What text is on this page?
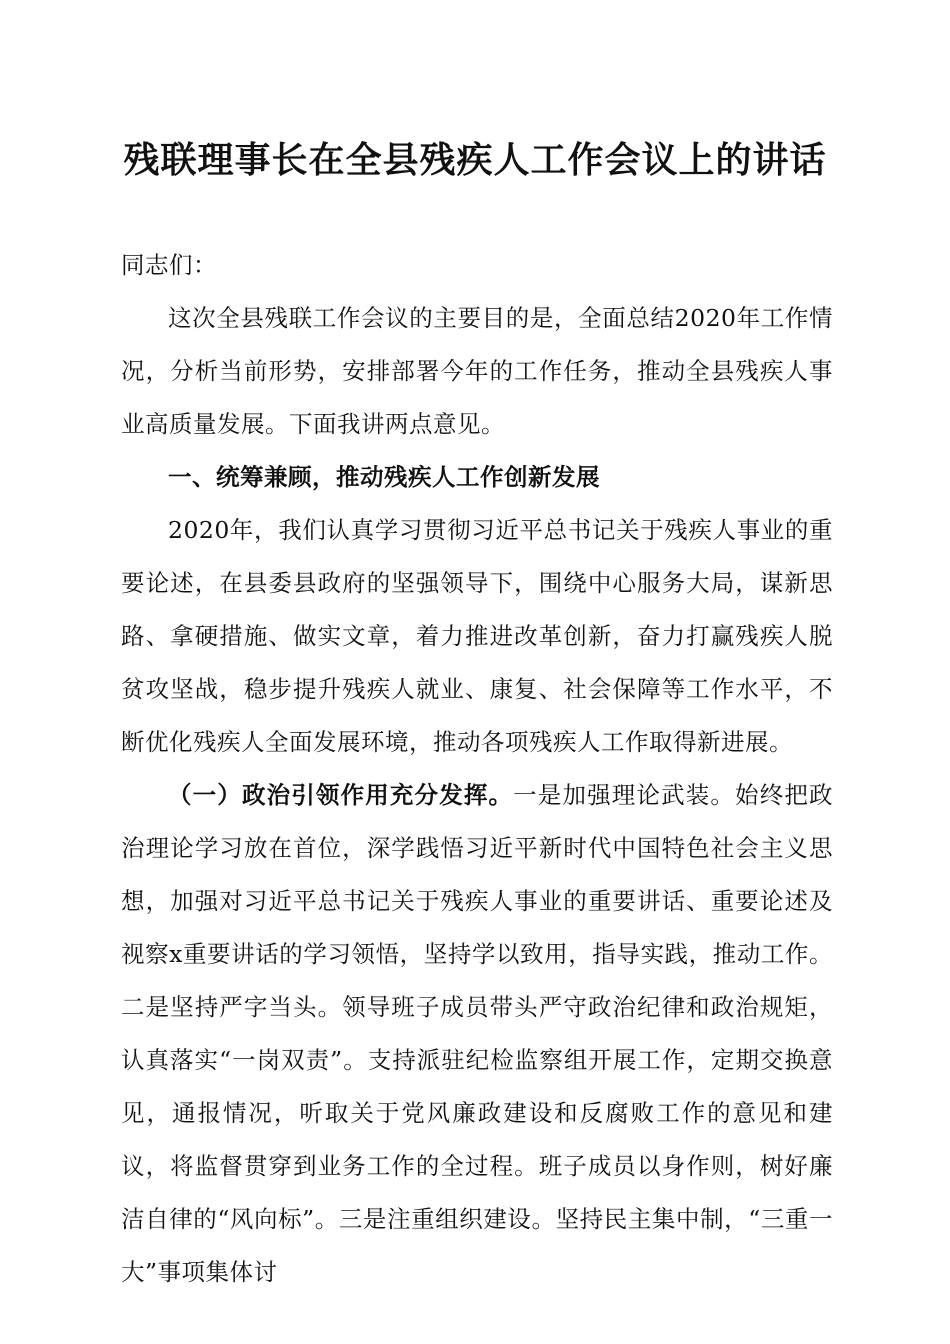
残联理事长在全县残疾人工作会议上的讲话

同志们：

这次全县残联工作会议的主要目的是，全面总结2020年工作情况，分析当前形势，安排部署今年的工作任务，推动全县残疾人事业高质量发展。下面我讲两点意见。

一、统筹兼顾，推动残疾人工作创新发展

2020年，我们认真学习贯彻习近平总书记关于残疾人事业的重要论述，在县委县政府的坚强领导下，围绕中心服务大局，谋新思路、拿硬措施、做实文章，着力推进改革创新，奋力打赢残疾人脱贫攻坚战，稳步提升残疾人就业、康复、社会保障等工作水平，不断优化残疾人全面发展环境，推动各项残疾人工作取得新进展。

（一）政治引领作用充分发挥。一是加强理论武装。始终把政治理论学习放在首位，深学践悟习近平新时代中国特色社会主义思想，加强对习近平总书记关于残疾人事业的重要讲话、重要论述及视察x重要讲话的学习领悟，坚持学以致用，指导实践，推动工作。二是坚持严字当头。领导班子成员带头严守政治纪律和政治规矩，认真落实“一岗双责”。支持派驻纪检监察组开展工作，定期交换意见，通报情况，听取关于党风廉政建设和反腐败工作的意见和建议，将监督贯穿到业务工作的全过程。班子成员以身作则，树好廉洁自律的“风向标”。三是注重组织建设。坚持民主集中制，“三重一大”事项集体讨
